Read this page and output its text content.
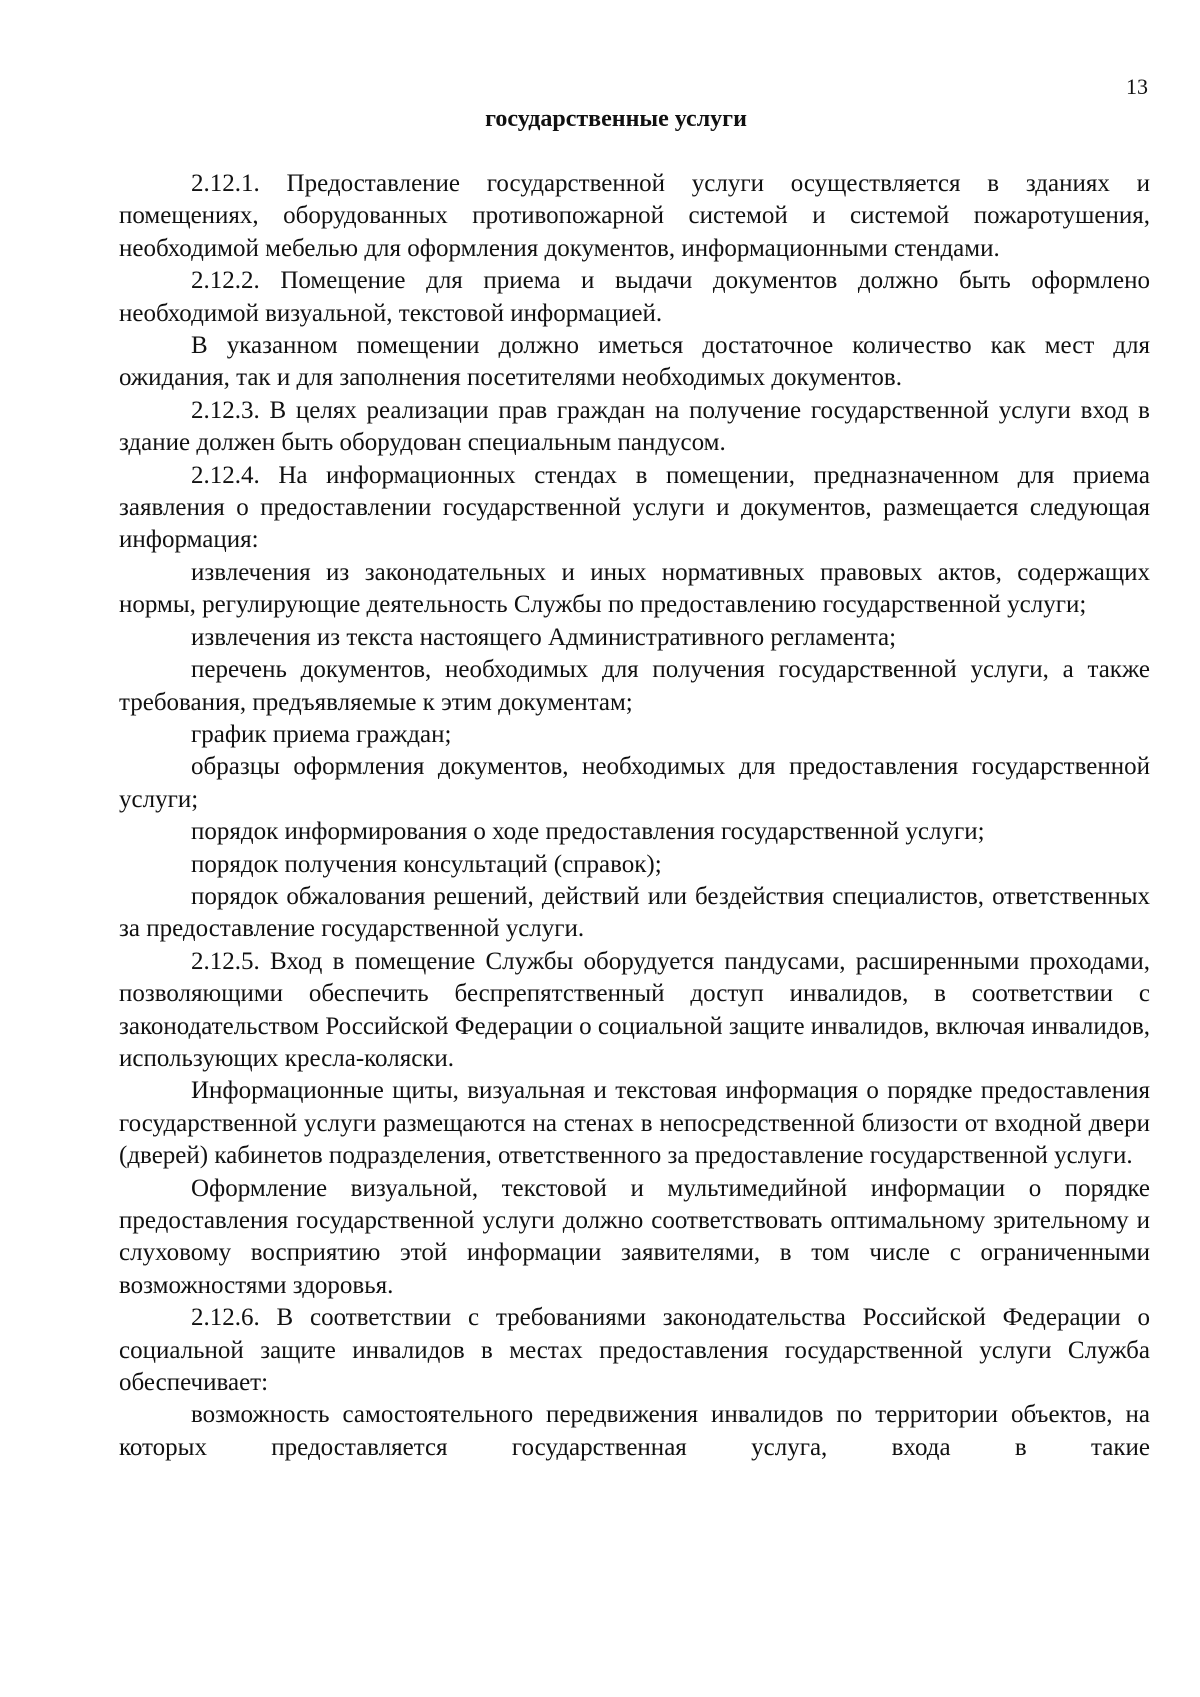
13
государственные услуги

2.12.1. Предоставление государственной услуги осуществляется в зданиях и помещениях, оборудованных противопожарной системой и системой пожаротушения, необходимой мебелью для оформления документов, информационными стендами.

2.12.2. Помещение для приема и выдачи документов должно быть оформлено необходимой визуальной, текстовой информацией.

В указанном помещении должно иметься достаточное количество как мест для ожидания, так и для заполнения посетителями необходимых документов.

2.12.3. В целях реализации прав граждан на получение государственной услуги вход в здание должен быть оборудован специальным пандусом.

2.12.4. На информационных стендах в помещении, предназначенном для приема заявления о предоставлении государственной услуги и документов, размещается следующая информация:

извлечения из законодательных и иных нормативных правовых актов, содержащих нормы, регулирующие деятельность Службы по предоставлению государственной услуги;

извлечения из текста настоящего Административного регламента;

перечень документов, необходимых для получения государственной услуги, а также требования, предъявляемые к этим документам;

график приема граждан;

образцы оформления документов, необходимых для предоставления государственной услуги;

порядок информирования о ходе предоставления государственной услуги;

порядок получения консультаций (справок);

порядок обжалования решений, действий или бездействия специалистов, ответственных за предоставление государственной услуги.

2.12.5. Вход в помещение Службы оборудуется пандусами, расширенными проходами, позволяющими обеспечить беспрепятственный доступ инвалидов, в соответствии с законодательством Российской Федерации о социальной защите инвалидов, включая инвалидов, использующих кресла-коляски.

Информационные щиты, визуальная и текстовая информация о порядке предоставления государственной услуги размещаются на стенах в непосредственной близости от входной двери (дверей) кабинетов подразделения, ответственного за предоставление государственной услуги.

Оформление визуальной, текстовой и мультимедийной информации о порядке предоставления государственной услуги должно соответствовать оптимальному зрительному и слуховому восприятию этой информации заявителями, в том числе с ограниченными возможностями здоровья.

2.12.6. В соответствии с требованиями законодательства Российской Федерации о социальной защите инвалидов в местах предоставления государственной услуги Служба обеспечивает:

возможность самостоятельного передвижения инвалидов по территории объектов, на которых предоставляется государственная услуга, входа в такие
